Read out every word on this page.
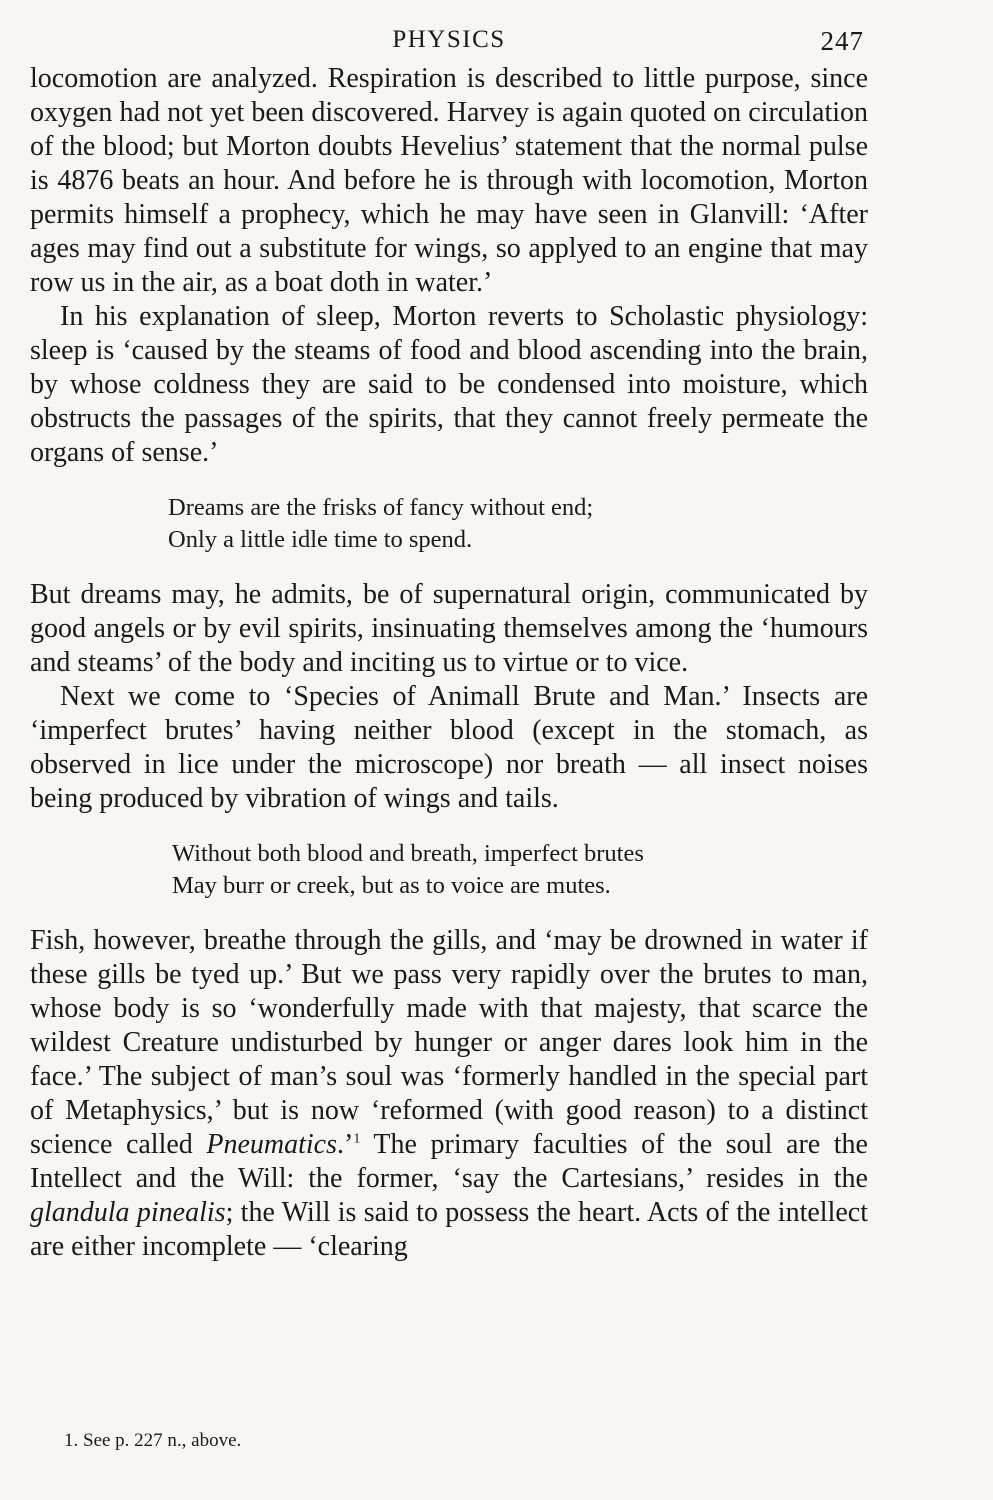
PHYSICS	247

locomotion are analyzed. Respiration is described to little purpose, since oxygen had not yet been discovered. Harvey is again quoted on circulation of the blood; but Morton doubts Hevelius’ statement that the normal pulse is 4876 beats an hour. And before he is through with locomotion, Morton permits himself a prophecy, which he may have seen in Glanvill: ‘After ages may find out a substitute for wings, so applyed to an engine that may row us in the air, as a boat doth in water.’

In his explanation of sleep, Morton reverts to Scholastic physiology: sleep is ‘caused by the steams of food and blood ascending into the brain, by whose coldness they are said to be condensed into moisture, which obstructs the passages of the spirits, that they cannot freely permeate the organs of sense.’

Dreams are the frisks of fancy without end;
Only a little idle time to spend.

But dreams may, he admits, be of supernatural origin, communicated by good angels or by evil spirits, insinuating themselves among the ‘humours and steams’ of the body and inciting us to virtue or to vice.

Next we come to ‘Species of Animall Brute and Man.’ Insects are ‘imperfect brutes’ having neither blood (except in the stomach, as observed in lice under the microscope) nor breath — all insect noises being produced by vibration of wings and tails.

Without both blood and breath, imperfect brutes
May burr or creek, but as to voice are mutes.

Fish, however, breathe through the gills, and ‘may be drowned in water if these gills be tyed up.’ But we pass very rapidly over the brutes to man, whose body is so ‘wonderfully made with that majesty, that scarce the wildest Creature undisturbed by hunger or anger dares look him in the face.’ The subject of man’s soul was ‘formerly handled in the special part of Metaphysics,’ but is now ‘reformed (with good reason) to a distinct science called Pneumatics.’$^1$ The primary faculties of the soul are the Intellect and the Will: the former, ‘say the Cartesians,’ resides in the glandula pinealis; the Will is said to possess the heart. Acts of the intellect are either incomplete — ‘clearing

1. See p. 227 n., above.
